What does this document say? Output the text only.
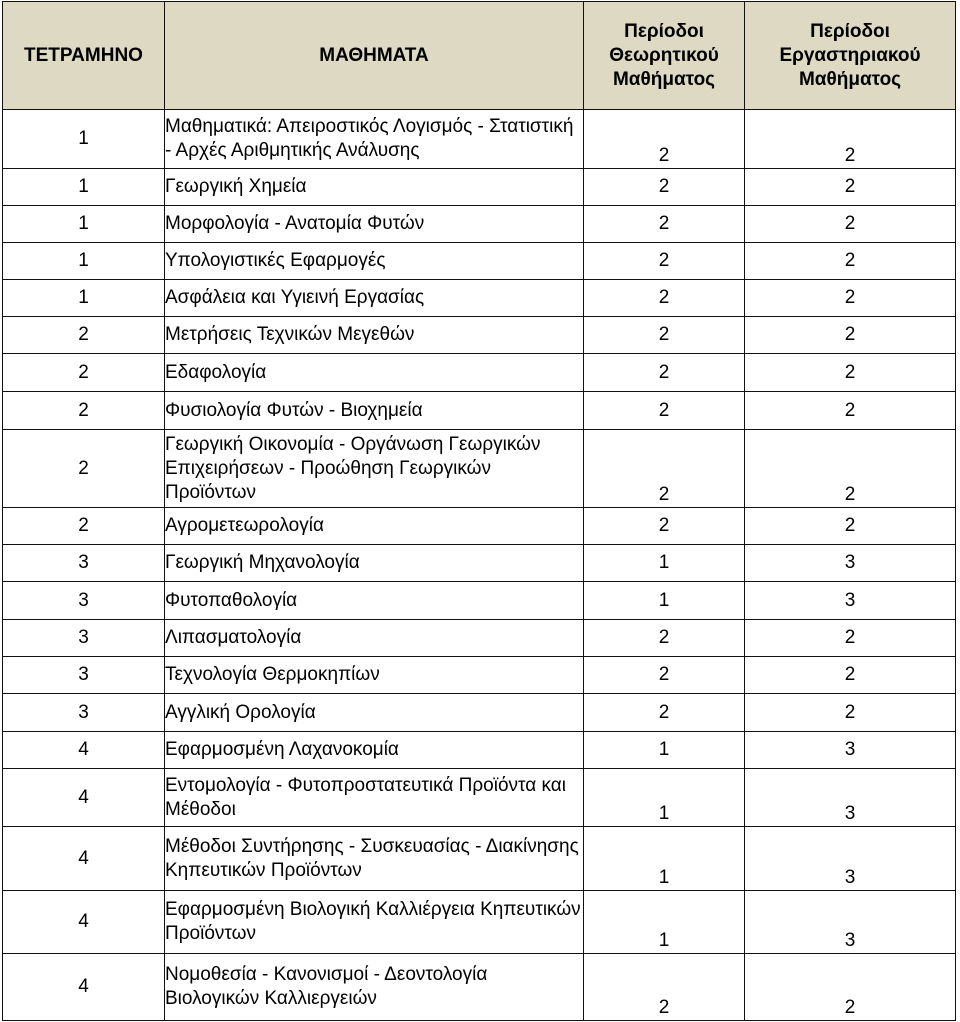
ΤΕΤΡΑΜΗΝΟ	ΜΑΘΗΜΑΤΑ	Περίοδοι Θεωρητικού Μαθήματος	Περίοδοι Εργαστηριακού Μαθήματος
1	Μαθηματικά: Απειροστικός Λογισμός - Στατιστική - Αρχές Αριθμητικής Ανάλυσης	2	2
1	Γεωργική Χημεία	2	2
1	Μορφολογία - Ανατομία Φυτών	2	2
1	Υπολογιστικές Εφαρμογές	2	2
1	Ασφάλεια και Υγιεινή Εργασίας	2	2
2	Μετρήσεις Τεχνικών Μεγεθών	2	2
2	Εδαφολογία	2	2
2	Φυσιολογία Φυτών - Βιοχημεία	2	2
2	Γεωργική Οικονομία - Οργάνωση Γεωργικών Επιχειρήσεων - Προώθηση Γεωργικών Προϊόντων	2	2
2	Αγρομετεωρολογία	2	2
3	Γεωργική Μηχανολογία	1	3
3	Φυτοπαθολογία	1	3
3	Λιπασματολογία	2	2
3	Τεχνολογία Θερμοκηπίων	2	2
3	Αγγλική Ορολογία	2	2
4	Εφαρμοσμένη Λαχανοκομία	1	3
4	Εντομολογία - Φυτοπροστατευτικά Προϊόντα και Μέθοδοι	1	3
4	Μέθοδοι Συντήρησης - Συσκευασίας - Διακίνησης Κηπευτικών Προϊόντων	1	3
4	Εφαρμοσμένη Βιολογική Καλλιέργεια Κηπευτικών Προϊόντων	1	3
4	Νομοθεσία - Κανονισμοί - Δεοντολογία Βιολογικών Καλλιεργειών	2	2
